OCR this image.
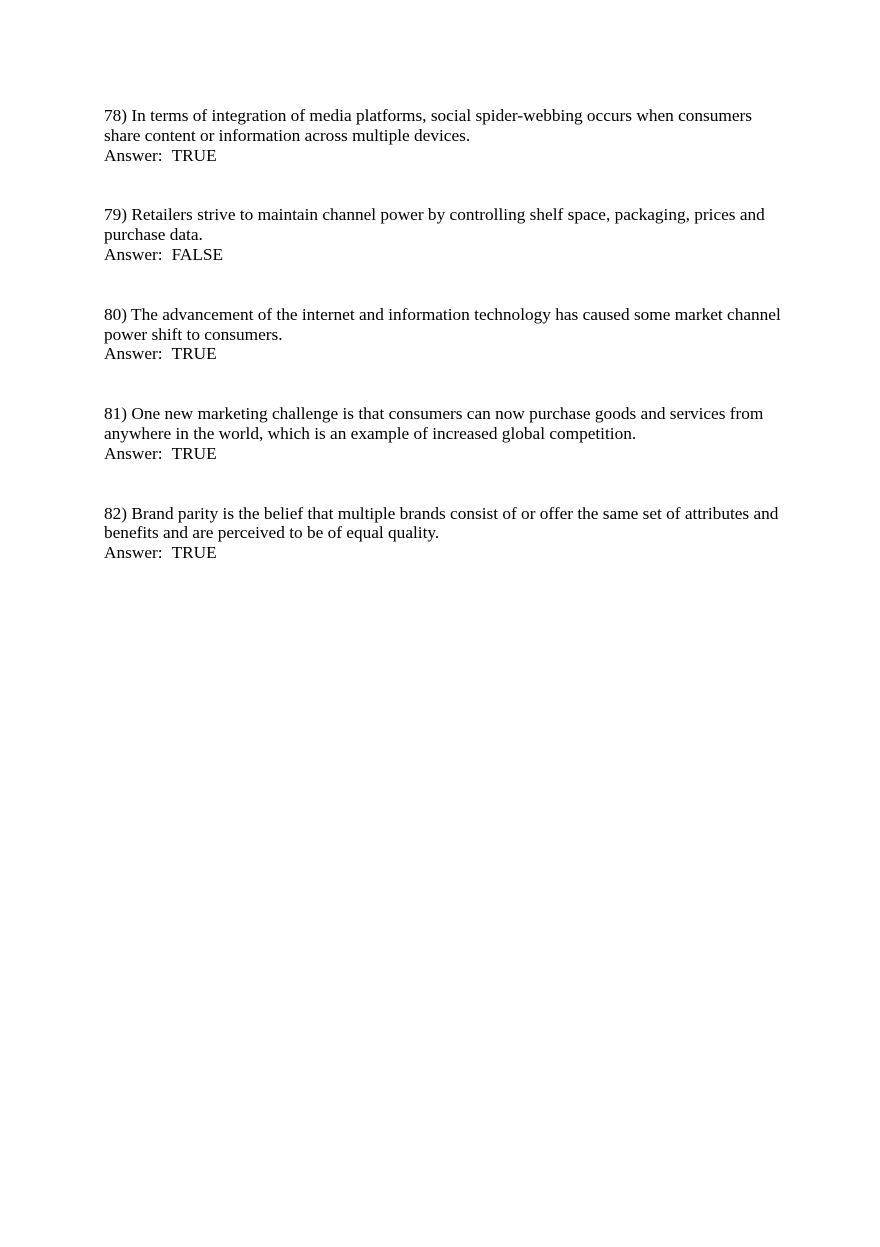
78) In terms of integration of media platforms, social spider-webbing occurs when consumers share content or information across multiple devices.
Answer: TRUE
79) Retailers strive to maintain channel power by controlling shelf space, packaging, prices and purchase data.
Answer: FALSE
80) The advancement of the internet and information technology has caused some market channel power shift to consumers.
Answer: TRUE
81) One new marketing challenge is that consumers can now purchase goods and services from anywhere in the world, which is an example of increased global competition.
Answer: TRUE
82) Brand parity is the belief that multiple brands consist of or offer the same set of attributes and benefits and are perceived to be of equal quality.
Answer: TRUE
